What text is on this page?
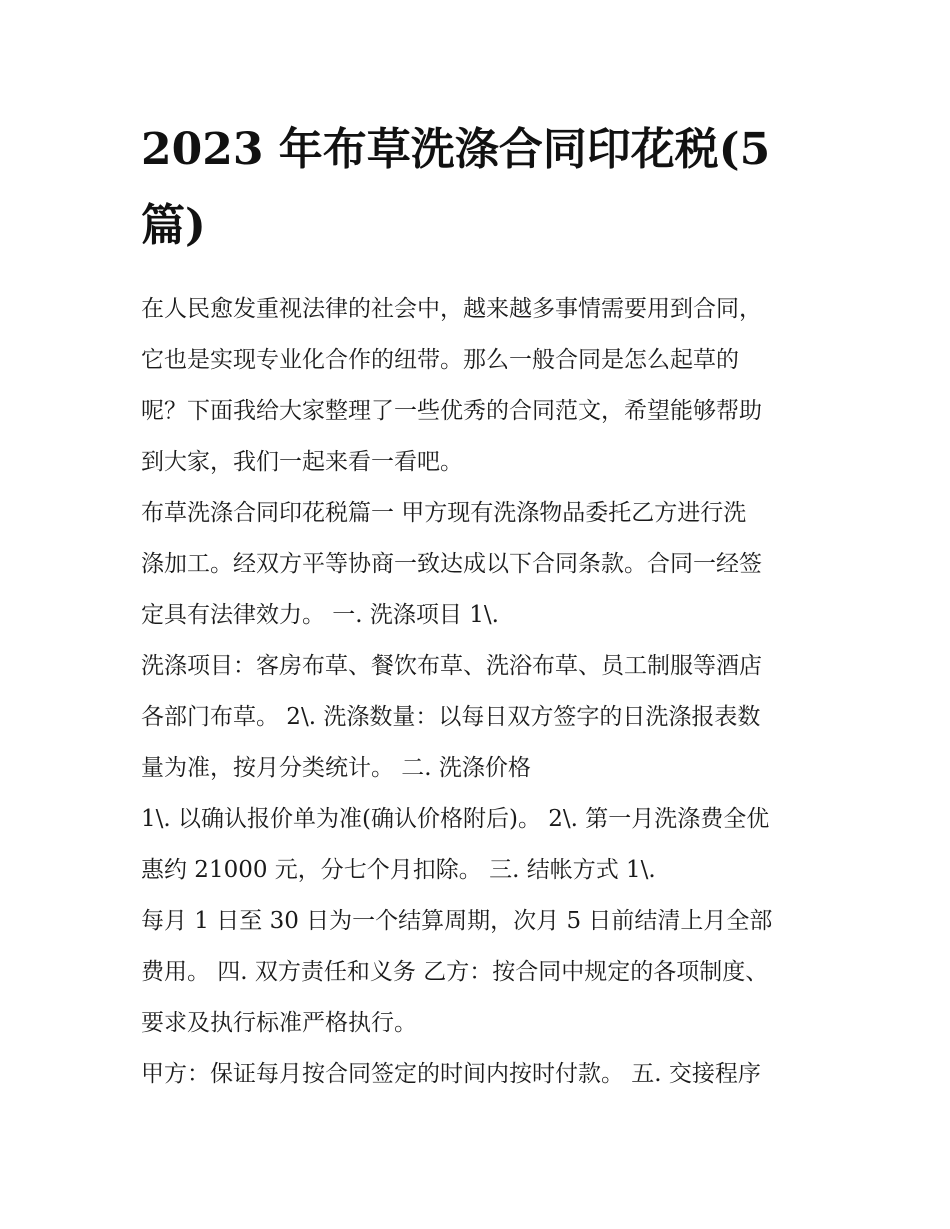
2023 年布草洗涤合同印花税(5
篇)

在人民愈发重视法律的社会中，越来越多事情需要用到合同，
它也是实现专业化合作的纽带。那么一般合同是怎么起草的
呢？下面我给大家整理了一些优秀的合同范文，希望能够帮助
到大家，我们一起来看一看吧。

布草洗涤合同印花税篇一 甲方现有洗涤物品委托乙方进行洗
涤加工。经双方平等协商一致达成以下合同条款。合同一经签
定具有法律效力。 一. 洗涤项目 1\.

洗涤项目：客房布草、餐饮布草、洗浴布草、员工制服等酒店
各部门布草。 2\. 洗涤数量：以每日双方签字的日洗涤报表数
量为准，按月分类统计。 二. 洗涤价格

1\. 以确认报价单为准(确认价格附后)。 2\. 第一月洗涤费全优
惠约 21000 元，分七个月扣除。 三. 结帐方式 1\.

每月 1 日至 30 日为一个结算周期，次月 5 日前结清上月全部
费用。 四. 双方责任和义务 乙方：按合同中规定的各项制度、
要求及执行标准严格执行。

甲方：保证每月按合同签定的时间内按时付款。 五. 交接程序
